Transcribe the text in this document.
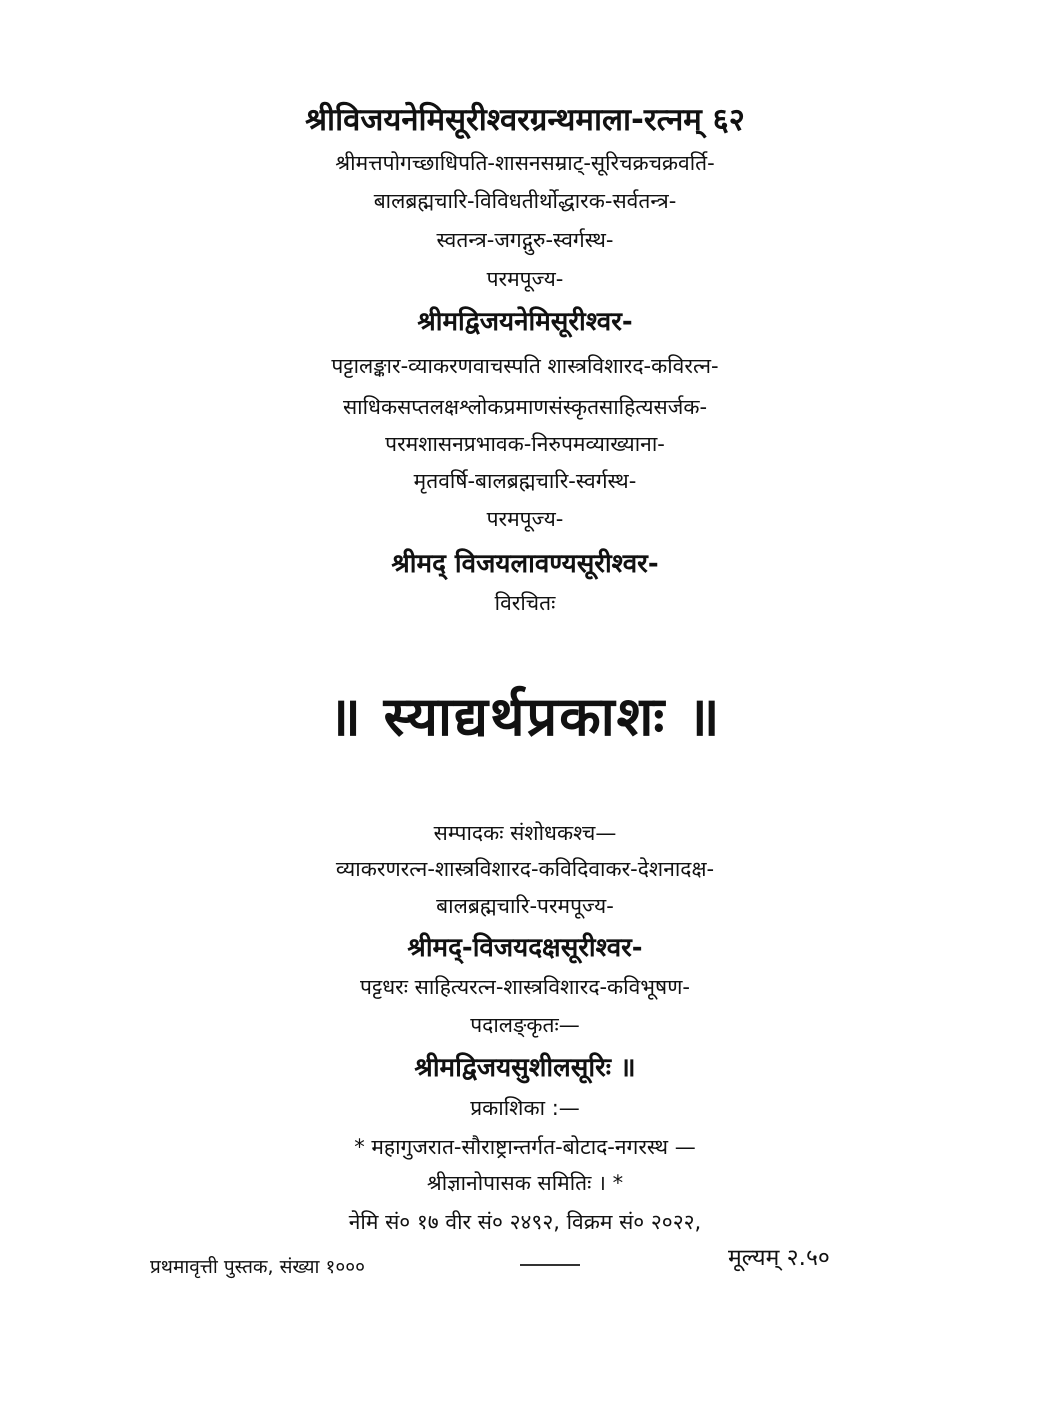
श्रीविजयनेमिसूरीश्वरग्रन्थमाला-रत्नम् ६२
श्रीमत्तपोगच्छाधिपति-शासनसम्राट्-सूरिचक्रचक्रवर्ति-
बालब्रह्मचारि-विविधतीर्थोद्धारक-सर्वतन्त्र-
स्वतन्त्र-जगद्गुरु-स्वर्गस्थ-
परमपूज्य-
श्रीमद्विजयनेमिसूरीश्वर-
पट्टालङ्कार-व्याकरणवाचस्पति शास्त्रविशारद-कविरत्न-
साधिकसप्तलक्षश्लोकप्रमाणसंस्कृतसाहित्यसर्जक-
परमशासनप्रभावक-निरुपमव्याख्याना-
मृतवर्षि-बालब्रह्मचारि-स्वर्गस्थ-
परमपूज्य-
श्रीमद् विजयलावण्यसूरीश्वर-
विरचितः
॥ स्याद्यर्थप्रकाशः ॥
सम्पादकः संशोधकश्च—
व्याकरणरत्न-शास्त्रविशारद-कविदिवाकर-देशनादक्ष-
बालब्रह्मचारि-परमपूज्य-
श्रीमद्-विजयदक्षसूरीश्वर-
पट्टधरः साहित्यरत्न-शास्त्रविशारद-कविभूषण-
पदालङ्कृतः—
श्रीमद्विजयसुशीलसूरिः ॥
प्रकाशिका :—
* महागुजरात-सौराष्ट्रान्तर्गत-बोटाद-नगरस्थ —
श्रीज्ञानोपासक समितिः । *
नेमि सं० १७ वीर सं० २४९२, विक्रम सं० २०२२,
प्रथमावृत्ती पुस्तक, संख्या १०००	मूल्यम् २.५०
